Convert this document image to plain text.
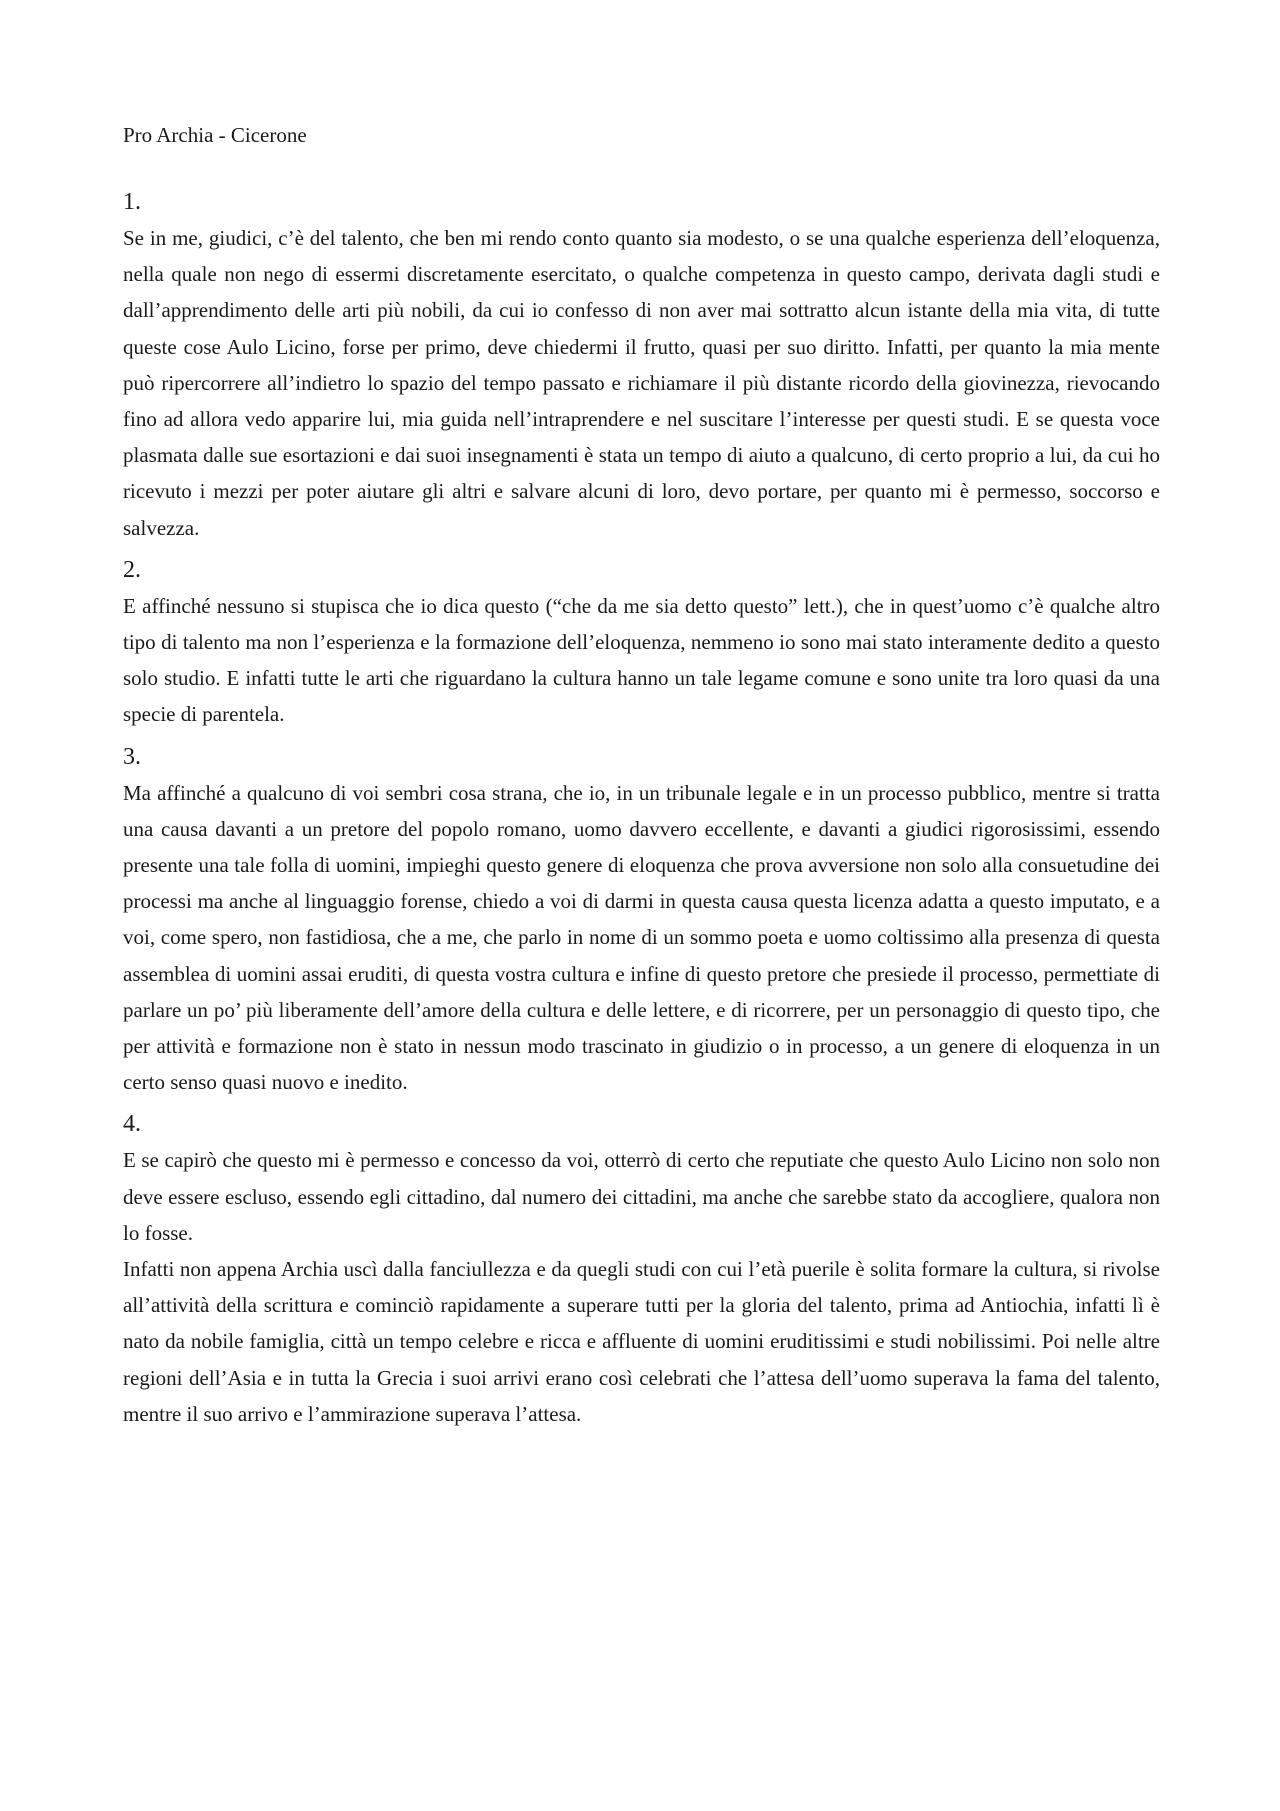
Pro Archia - Cicerone
1.

Se in me, giudici, c’è del talento, che ben mi rendo conto quanto sia modesto, o se una qualche esperienza dell’eloquenza, nella quale non nego di essermi discretamente esercitato, o qualche competenza in questo campo, derivata dagli studi e dall’apprendimento delle arti più nobili, da cui io confesso di non aver mai sottratto alcun istante della mia vita, di tutte queste cose Aulo Licino, forse per primo, deve chiedermi il frutto, quasi per suo diritto. Infatti, per quanto la mia mente può ripercorrere all’indietro lo spazio del tempo passato e richiamare il più distante ricordo della giovinezza, rievocando fino ad allora vedo apparire lui, mia guida nell’intraprendere e nel suscitare l’interesse per questi studi. E se questa voce plasmata dalle sue esortazioni e dai suoi insegnamenti è stata un tempo di aiuto a qualcuno, di certo proprio a lui, da cui ho ricevuto i mezzi per poter aiutare gli altri e salvare alcuni di loro, devo portare, per quanto mi è permesso, soccorso e salvezza.

2.

E affinché nessuno si stupisca che io dica questo (“che da me sia detto questo” lett.), che in quest’uomo c’è qualche altro tipo di talento ma non l’esperienza e la formazione dell’eloquenza, nemmeno io sono mai stato interamente dedito a questo solo studio. E infatti tutte le arti che riguardano la cultura hanno un tale legame comune e sono unite tra loro quasi da una specie di parentela.

3.

Ma affinché a qualcuno di voi sembri cosa strana, che io, in un tribunale legale e in un processo pubblico, mentre si tratta una causa davanti a un pretore del popolo romano, uomo davvero eccellente, e davanti a giudici rigorosissimi, essendo presente una tale folla di uomini, impieghi questo genere di eloquenza che prova avversione non solo alla consuetudine dei processi ma anche al linguaggio forense, chiedo a voi di darmi in questa causa questa licenza adatta a questo imputato, e a voi, come spero, non fastidiosa, che a me, che parlo in nome di un sommo poeta e uomo coltissimo alla presenza di questa assemblea di uomini assai eruditi, di questa vostra cultura e infine di questo pretore che presiede il processo, permettiate di parlare un po’ più liberamente dell’amore della cultura e delle lettere, e di ricorrere, per un personaggio di questo tipo, che per attività e formazione non è stato in nessun modo trascinato in giudizio o in processo, a un genere di eloquenza in un certo senso quasi nuovo e inedito.

4.

E se capirò che questo mi è permesso e concesso da voi, otterrò di certo che reputiate che questo Aulo Licino non solo non deve essere escluso, essendo egli cittadino, dal numero dei cittadini, ma anche che sarebbe stato da accogliere, qualora non lo fosse.

Infatti non appena Archia uscì dalla fanciullezza e da quegli studi con cui l’età puerile è solita formare la cultura, si rivolse all’attività della scrittura e cominciò rapidamente a superare tutti per la gloria del talento, prima ad Antiochia, infatti lì è nato da nobile famiglia, città un tempo celebre e ricca e affluente di uomini eruditissimi e studi nobilissimi. Poi nelle altre regioni dell’Asia e in tutta la Grecia i suoi arrivi erano così celebrati che l’attesa dell’uomo superava la fama del talento, mentre il suo arrivo e l’ammirazione superava l’attesa.
